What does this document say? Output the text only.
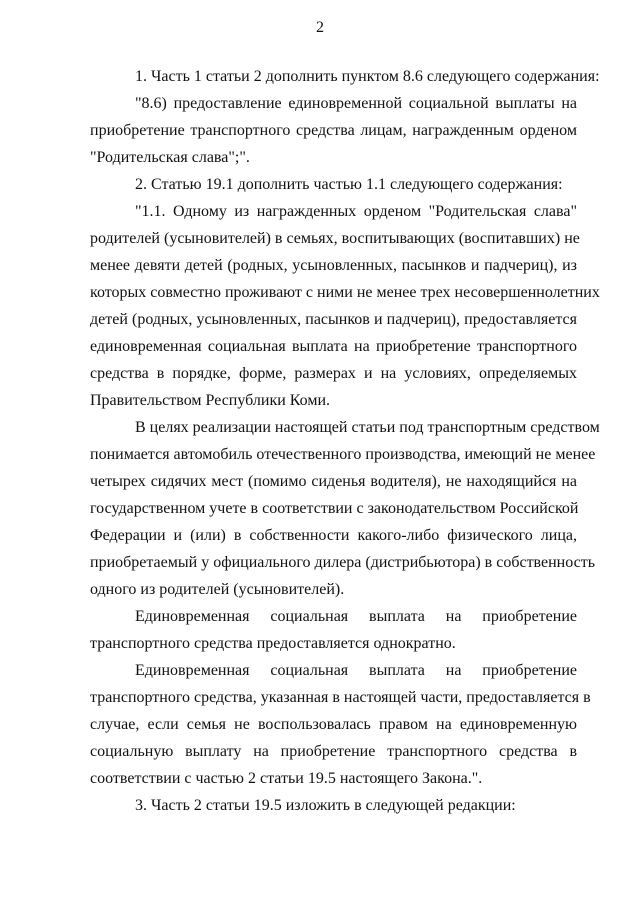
2
1. Часть 1 статьи 2 дополнить пунктом 8.6 следующего содержания:
"8.6) предоставление единовременной социальной выплаты на
приобретение транспортного средства лицам, награжденным орденом
"Родительская слава";".
2. Статью 19.1 дополнить частью 1.1 следующего содержания:
"1.1. Одному из награжденных орденом "Родительская слава"
родителей (усыновителей) в семьях, воспитывающих (воспитавших) не
менее девяти детей (родных, усыновленных, пасынков и падчериц), из
которых совместно проживают с ними не менее трех несовершеннолетних
детей (родных, усыновленных, пасынков и падчериц), предоставляется
единовременная социальная выплата на приобретение транспортного
средства в порядке, форме, размерах и на условиях, определяемых
Правительством Республики Коми.
В целях реализации настоящей статьи под транспортным средством
понимается автомобиль отечественного производства, имеющий не менее
четырех сидячих мест (помимо сиденья водителя), не находящийся на
государственном учете в соответствии с законодательством Российской
Федерации и (или) в собственности какого-либо физического лица,
приобретаемый у официального дилера (дистрибьютора) в собственность
одного из родителей (усыновителей).
Единовременная социальная выплата на приобретение
транспортного средства предоставляется однократно.
Единовременная социальная выплата на приобретение
транспортного средства, указанная в настоящей части, предоставляется в
случае, если семья не воспользовалась правом на единовременную
социальную выплату на приобретение транспортного средства в
соответствии с частью 2 статьи 19.5 настоящего Закона.".
3. Часть 2 статьи 19.5 изложить в следующей редакции:
